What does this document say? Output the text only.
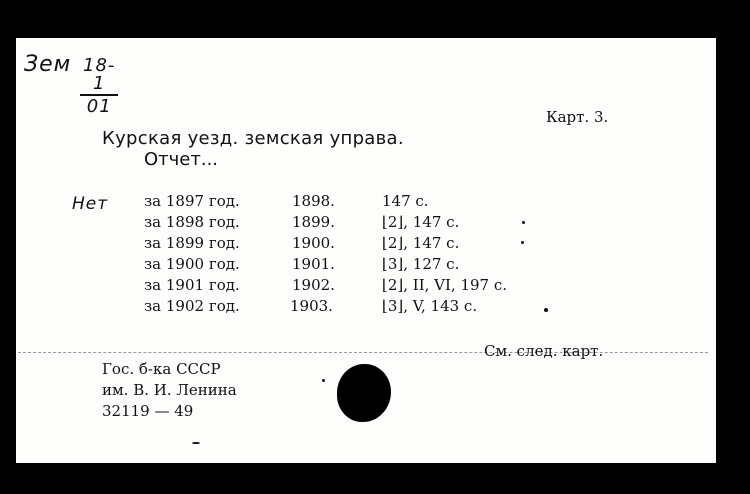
Зем $\frac{18-1}{01}$
Карт. 3.
Курская уезд. земская управа.
Отчет...
Нет за 1897 год.	1898.	147 с.
за 1898 год.	1899.	⌊2⌋, 147 с.
за 1899 год.	1900.	⌊2⌋, 147 с.
за 1900 год.	1901.	⌊3⌋, 127 с.
за 1901 год.	1902.	⌊2⌋, II, VI, 197 с.
за 1902 год.	1903.	⌊3⌋, V, 143 с.
См. след. карт.
Гос. б-ка СССР
им. В. И. Ленина
32119 — 49
